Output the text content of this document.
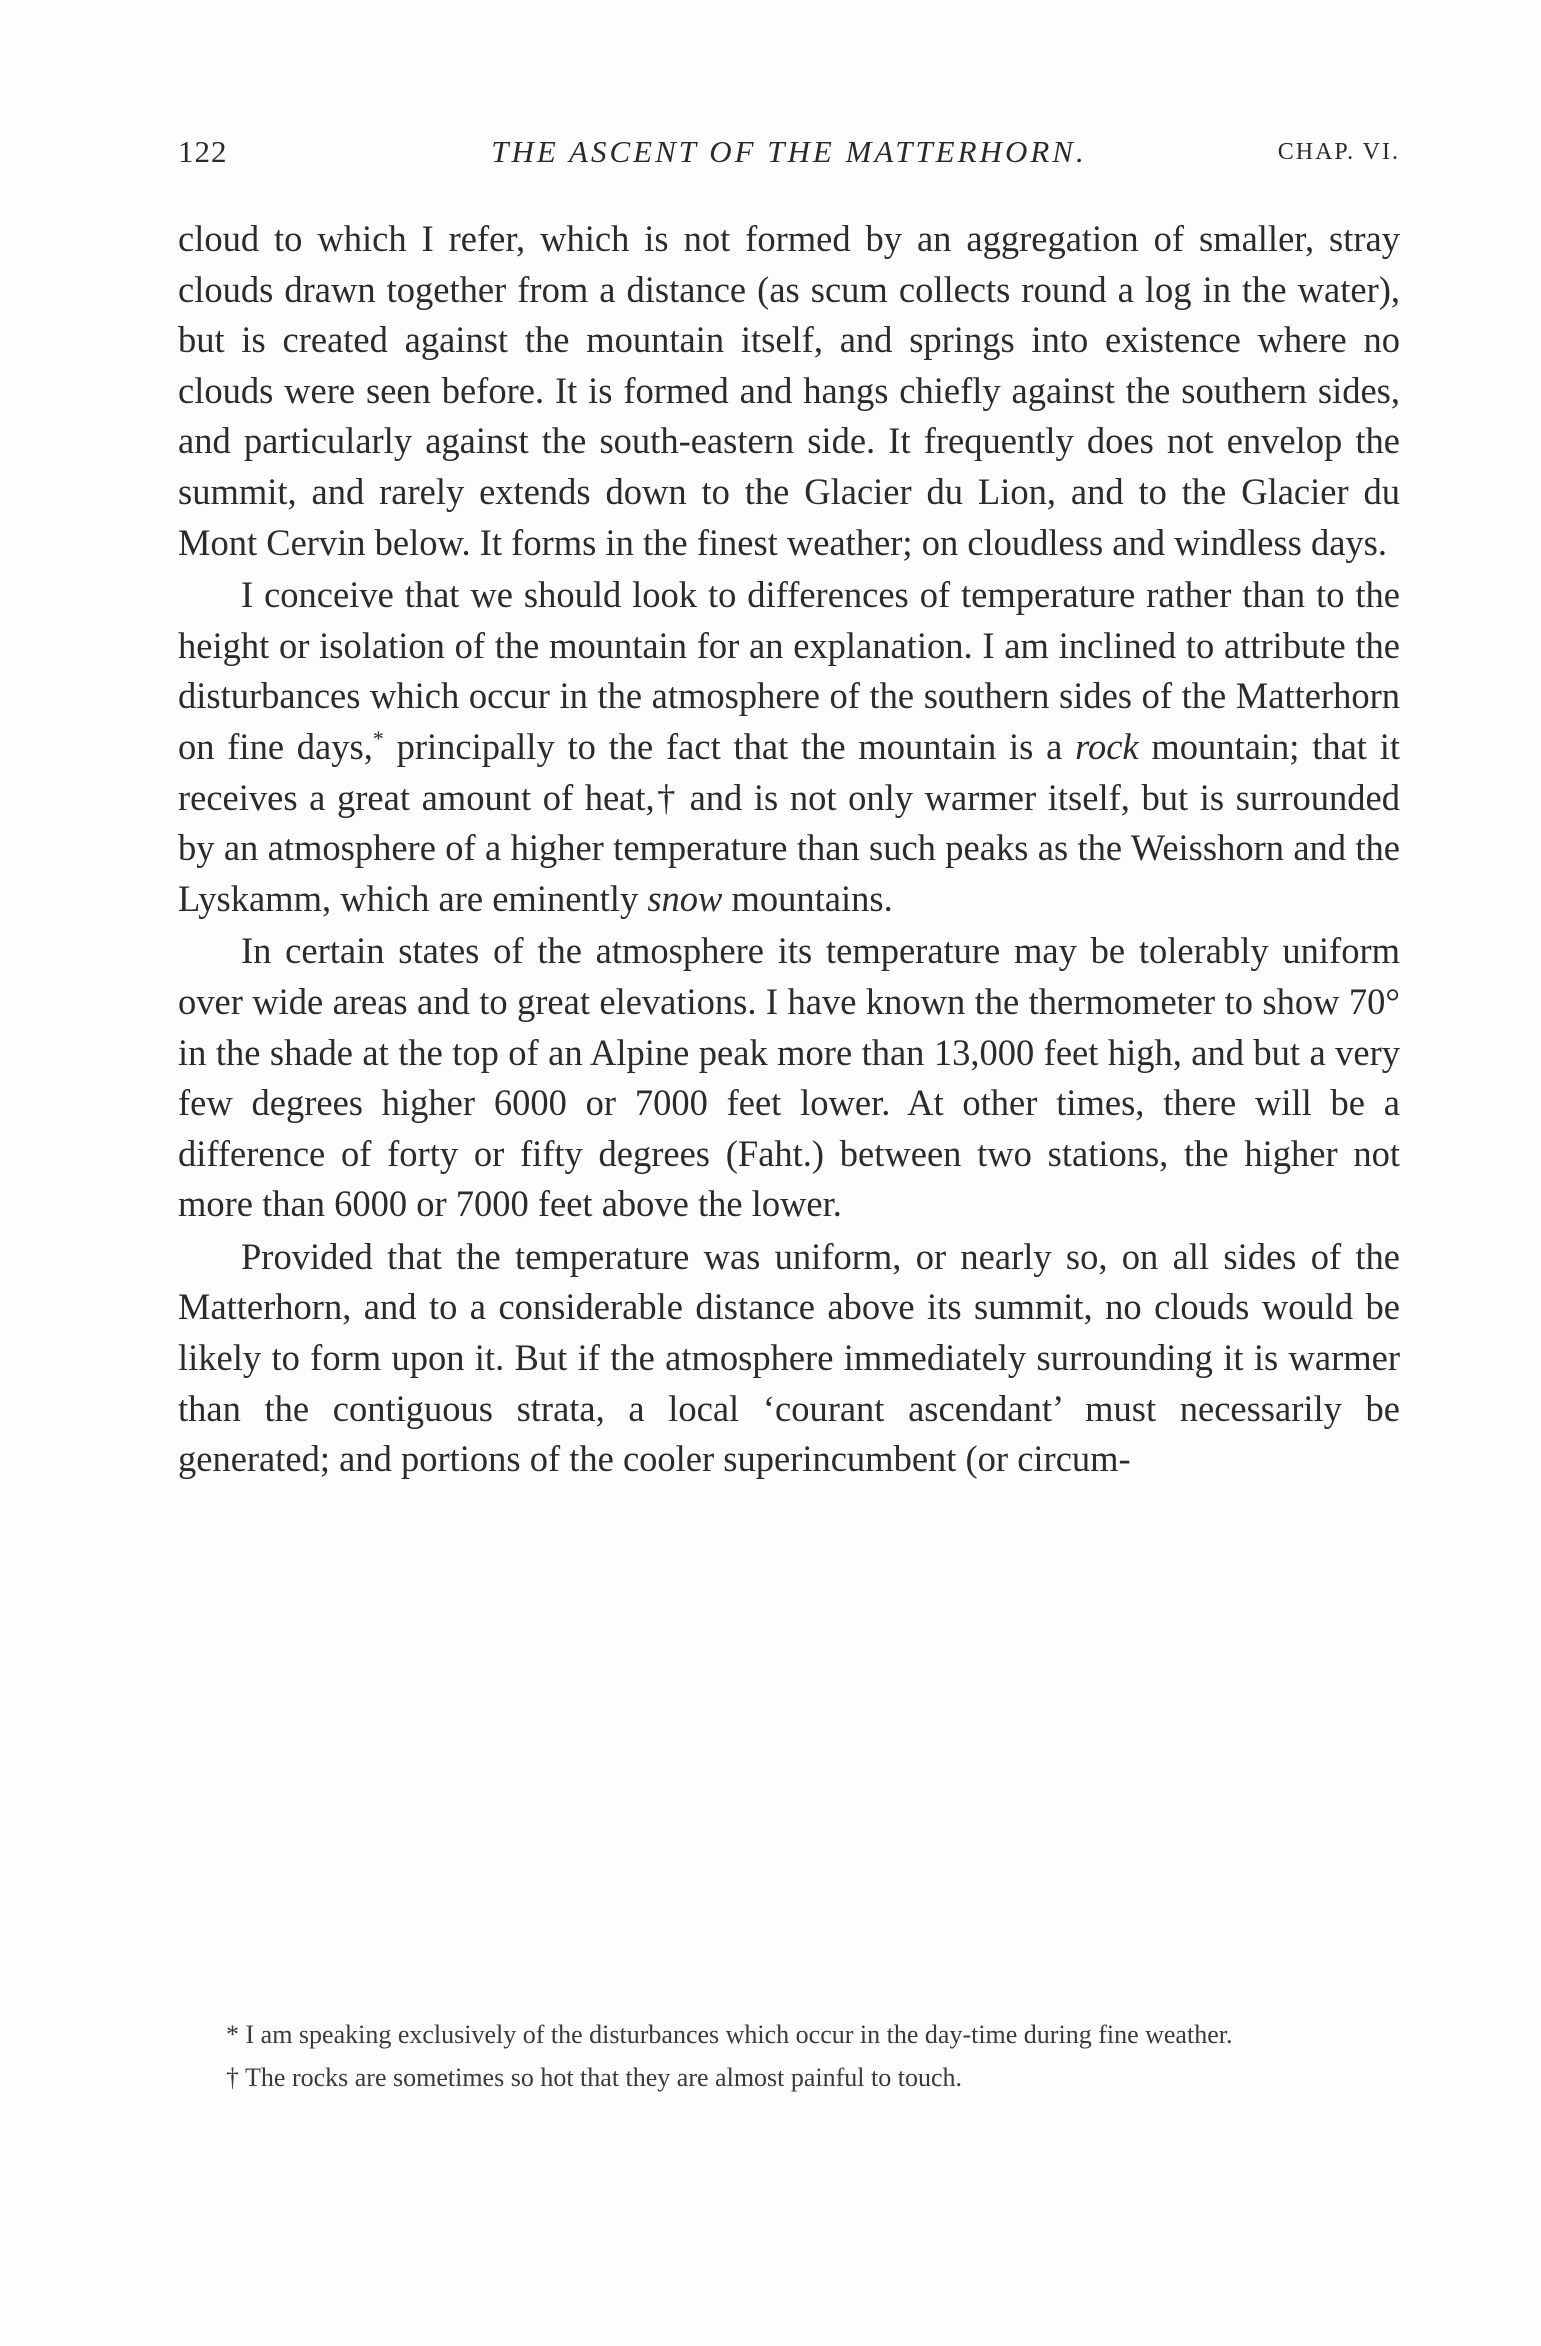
122	THE ASCENT OF THE MATTERHORN.	CHAP. VI.

cloud to which I refer, which is not formed by an aggregation of smaller, stray clouds drawn together from a distance (as scum collects round a log in the water), but is created against the mountain itself, and springs into existence where no clouds were seen before. It is formed and hangs chiefly against the southern sides, and particularly against the south-eastern side. It frequently does not envelop the summit, and rarely extends down to the Glacier du Lion, and to the Glacier du Mont Cervin below. It forms in the finest weather; on cloudless and windless days.

I conceive that we should look to differences of temperature rather than to the height or isolation of the mountain for an explanation. I am inclined to attribute the disturbances which occur in the atmosphere of the southern sides of the Matterhorn on fine days,* principally to the fact that the mountain is a rock mountain; that it receives a great amount of heat,† and is not only warmer itself, but is surrounded by an atmosphere of a higher temperature than such peaks as the Weisshorn and the Lyskamm, which are eminently snow mountains.

In certain states of the atmosphere its temperature may be tolerably uniform over wide areas and to great elevations. I have known the thermometer to show 70° in the shade at the top of an Alpine peak more than 13,000 feet high, and but a very few degrees higher 6000 or 7000 feet lower. At other times, there will be a difference of forty or fifty degrees (Faht.) between two stations, the higher not more than 6000 or 7000 feet above the lower.

Provided that the temperature was uniform, or nearly so, on all sides of the Matterhorn, and to a considerable distance above its summit, no clouds would be likely to form upon it. But if the atmosphere immediately surrounding it is warmer than the contiguous strata, a local ‘courant ascendant’ must necessarily be generated; and portions of the cooler superincumbent (or circum-

* I am speaking exclusively of the disturbances which occur in the day-time during fine weather.

† The rocks are sometimes so hot that they are almost painful to touch.
